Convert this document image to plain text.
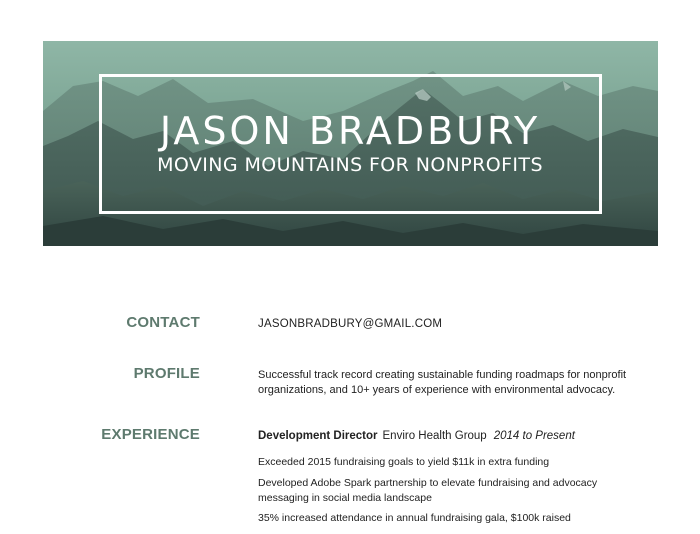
JASON BRADBURY
MOVING MOUNTAINS FOR NONPROFITS
CONTACT	JASONBRADBURY@GMAIL.COM
PROFILE	Successful track record creating sustainable funding roadmaps for nonprofit organizations, and 10+ years of experience with environmental advocacy.
EXPERIENCE	Development Director Enviro Health Group 2014 to Present
Exceeded 2015 fundraising goals to yield $11k in extra funding
Developed Adobe Spark partnership to elevate fundraising and advocacy messaging in social media landscape
35% increased attendance in annual fundraising gala, $100k raised
